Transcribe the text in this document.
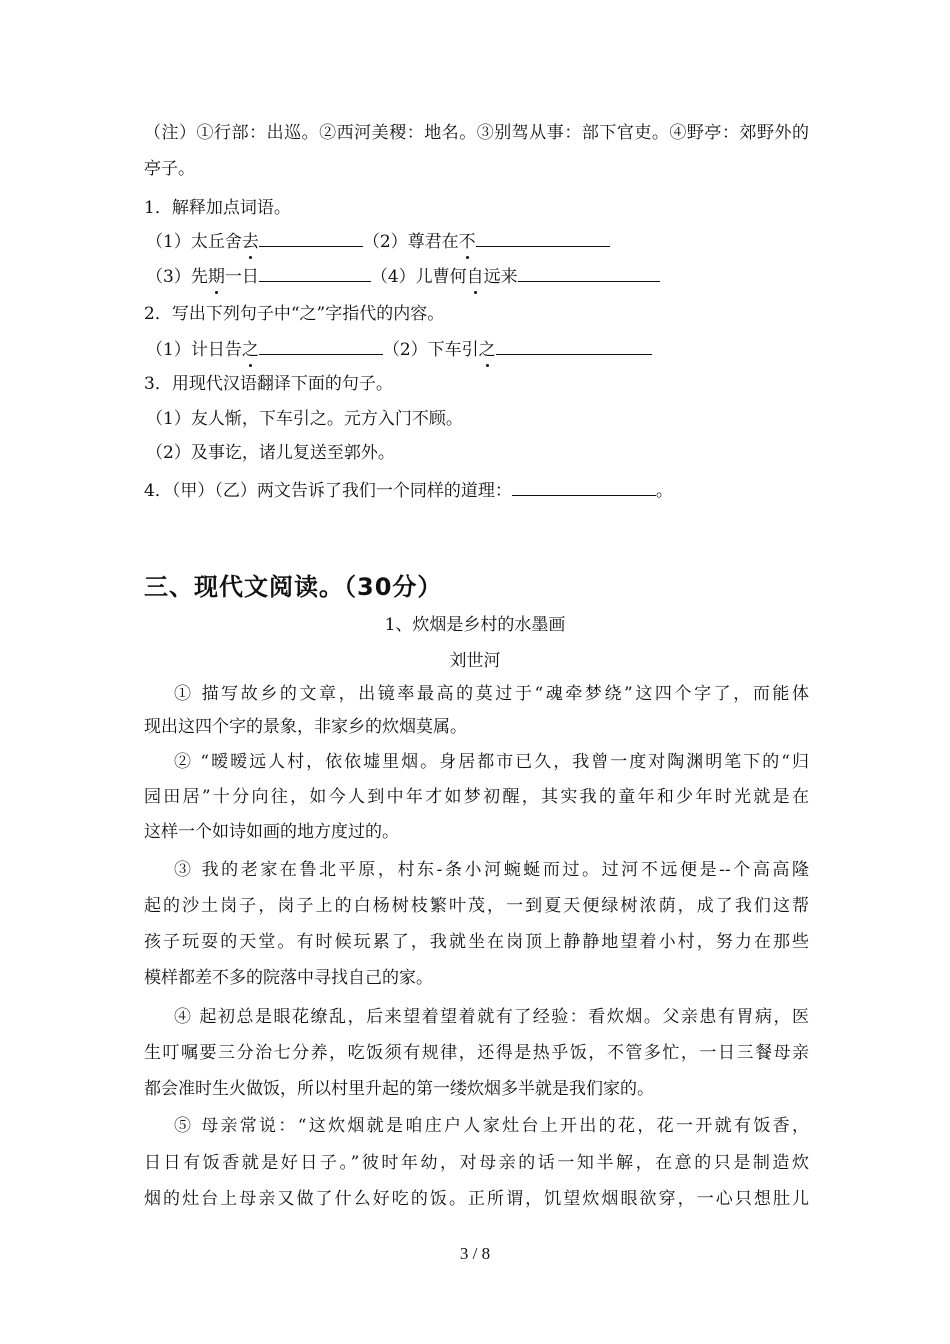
（注）①行部：出巡。②西河美稷：地名。③别驾从事：部下官吏。④野亭：郊野外的
亭子。
1．解释加点词语。
（1）太丘舍去	（2）尊君在不
（3）先期一日	（4）儿曹何自远来
2．写出下列句子中“之”字指代的内容。
（1）计日告之	（2）下车引之
3．用现代汉语翻译下面的句子。
（1）友人惭，下车引之。元方入门不顾。
（2）及事讫，诸儿复送至郭外。
4．（甲）（乙）两文告诉了我们一个同样的道理：	。
三、现代文阅读。（30分）
1、炊烟是乡村的水墨画
刘世河
① 描写故乡的文章，出镜率最高的莫过于“魂牵梦绕”这四个字了，而能体
现出这四个字的景象，非家乡的炊烟莫属。
② “暧暧远人村，依依墟里烟。身居都市已久，我曾一度对陶渊明笔下的“归
园田居”十分向往，如今人到中年才如梦初醒，其实我的童年和少年时光就是在
这样一个如诗如画的地方度过的。
③ 我的老家在鲁北平原，村东-条小河蜿蜒而过。过河不远便是--个高高隆
起的沙土岗子，岗子上的白杨树枝繁叶茂，一到夏天便绿树浓荫，成了我们这帮
孩子玩耍的天堂。有时候玩累了，我就坐在岗顶上静静地望着小村，努力在那些
模样都差不多的院落中寻找自己的家。
④ 起初总是眼花缭乱，后来望着望着就有了经验：看炊烟。父亲患有胃病，医
生叮嘱要三分治七分养，吃饭须有规律，还得是热乎饭，不管多忙，一日三餐母亲
都会准时生火做饭，所以村里升起的第一缕炊烟多半就是我们家的。
⑤ 母亲常说：“这炊烟就是咱庄户人家灶台上开出的花，花一开就有饭香，
日日有饭香就是好日子。”彼时年幼，对母亲的话一知半解，在意的只是制造炊
烟的灶台上母亲又做了什么好吃的饭。正所谓，饥望炊烟眼欲穿，一心只想肚儿
3 / 8
